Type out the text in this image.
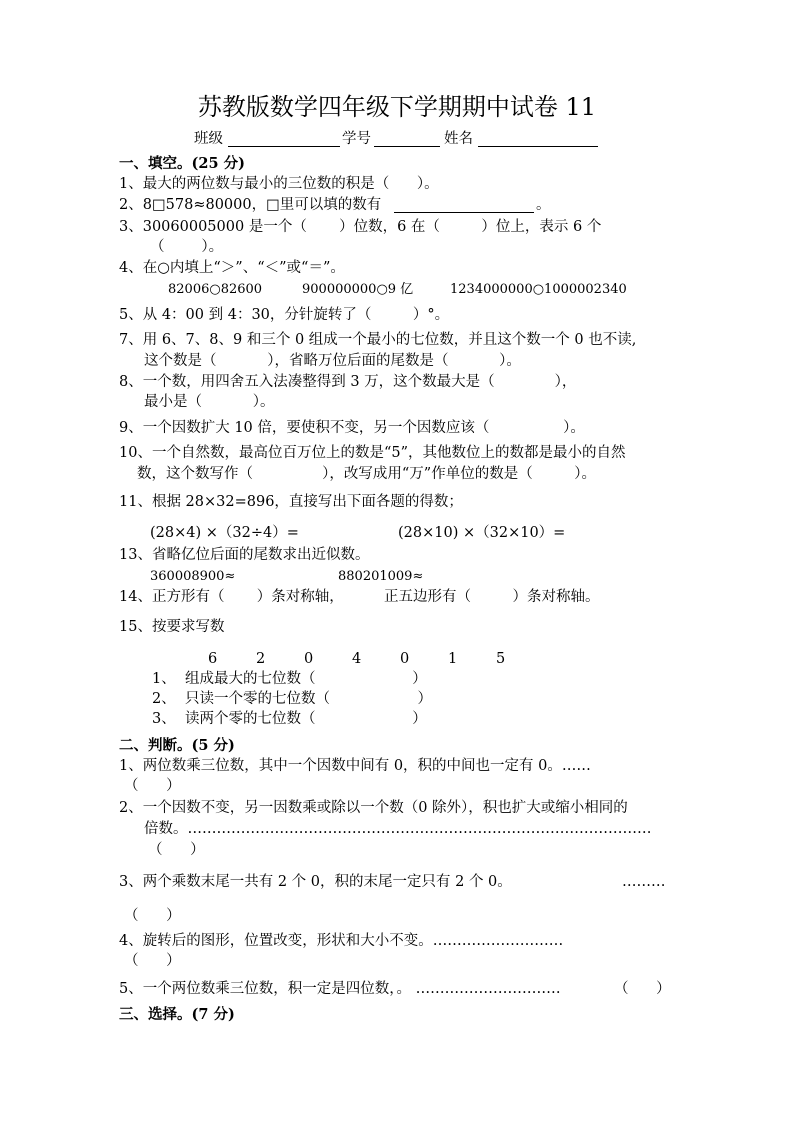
苏教版数学四年级下学期期中试卷 11
班级	学号	姓名
一、填空。(25 分)
1、最大的两位数与最小的三位数的积是（      ）。
2、8□578≈80000，□里可以填的数有	。
3、30060005000 是一个（       ）位数，6 在（         ）位上，表示 6 个
（        ）。
4、在○内填上“＞”、“＜”或“＝”。
82006○82600	900000000○9 亿	1234000000○1000002340
5、从 4：00 到 4：30，分针旋转了（         ）°。
7、用 6、7、8、9 和三个 0 组成一个最小的七位数，并且这个数一个 0 也不读,
这个数是（           ），省略万位后面的尾数是（           ）。
8、一个数，用四舍五入法凑整得到 3 万，这个数最大是（             ），
最小是（           ）。
9、一个因数扩大 10 倍，要使积不变，另一个因数应该（                ）。
10、一个自然数，最高位百万位上的数是“5”，其他数位上的数都是最小的自然
数，这个数写作（               ），改写成用“万”作单位的数是（         ）。
11、根据 28×32=896，直接写出下面各题的得数；
(28×4) ×（32÷4）=	(28×10) ×（32×10）=
13、省略亿位后面的尾数求出近似数。
360008900≈	880201009≈
14、正方形有（       ）条对称轴，	正五边形有（         ）条对称轴。
15、按要求写数
6	2	0	4	0	1	5
1、  组成最大的七位数（                     ）
2、  只读一个零的七位数（                   ）
3、  读两个零的七位数（                     ）
二、判断。(5 分)
1、两位数乘三位数，其中一个因数中间有 0，积的中间也一定有 0。……
（      ）
2、一个因数不变，另一因数乘或除以一个数（0 除外），积也扩大或缩小相同的
倍数。……………………………………………………………………………………
（      ）
3、两个乘数末尾一共有 2 个 0，积的末尾一定只有 2 个 0。	………
（      ）
4、旋转后的图形，位置改变，形状和大小不变。………………………
（      ）
5、一个两位数乘三位数，积一定是四位数，。 …………………………	（      ）
三、选择。(7 分)
